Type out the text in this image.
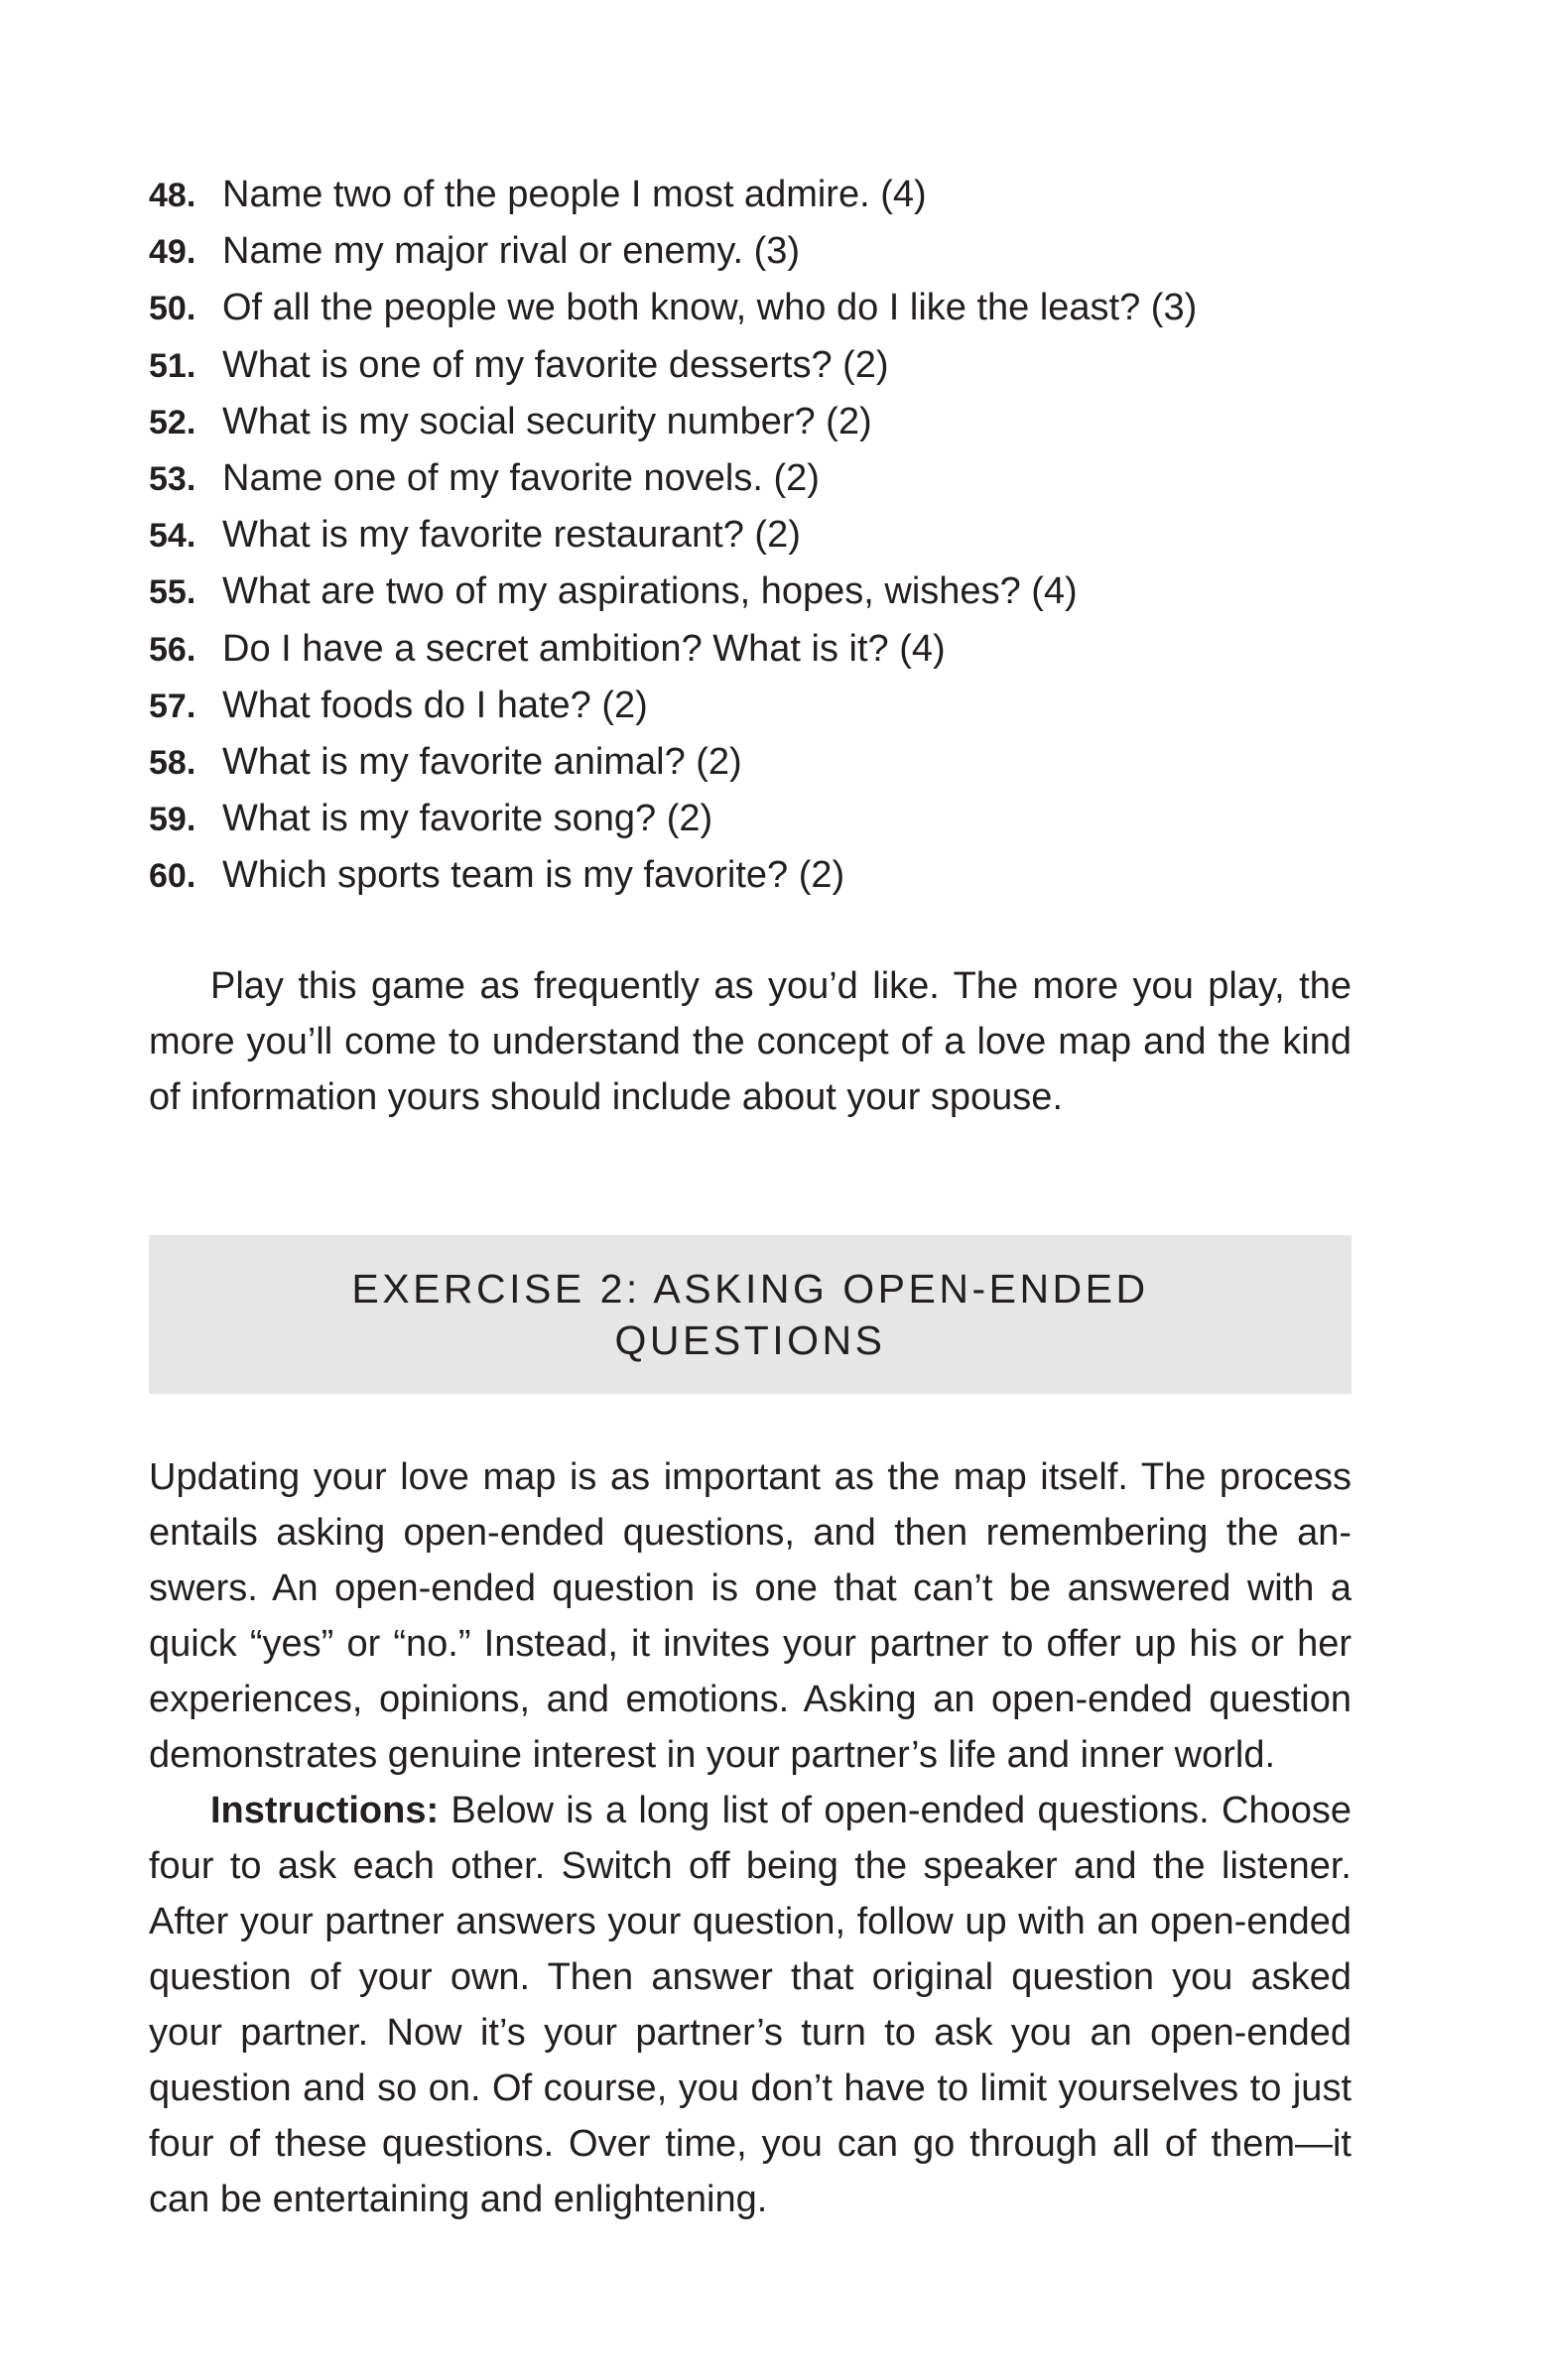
48. Name two of the people I most admire. (4)
49. Name my major rival or enemy. (3)
50. Of all the people we both know, who do I like the least? (3)
51. What is one of my favorite desserts? (2)
52. What is my social security number? (2)
53. Name one of my favorite novels. (2)
54. What is my favorite restaurant? (2)
55. What are two of my aspirations, hopes, wishes? (4)
56. Do I have a secret ambition? What is it? (4)
57. What foods do I hate? (2)
58. What is my favorite animal? (2)
59. What is my favorite song? (2)
60. Which sports team is my favorite? (2)

Play this game as frequently as you’d like. The more you play, the more you’ll come to understand the concept of a love map and the kind of information yours should include about your spouse.

EXERCISE 2: ASKING OPEN-ENDED QUESTIONS

Updating your love map is as important as the map itself. The process entails asking open-ended questions, and then remembering the answers. An open-ended question is one that can’t be answered with a quick “yes” or “no.” Instead, it invites your partner to offer up his or her experiences, opinions, and emotions. Asking an open-ended question demonstrates genuine interest in your partner’s life and inner world.

Instructions: Below is a long list of open-ended questions. Choose four to ask each other. Switch off being the speaker and the listener. After your partner answers your question, follow up with an open-ended question of your own. Then answer that original question you asked your partner. Now it’s your partner’s turn to ask you an open-ended question and so on. Of course, you don’t have to limit yourselves to just four of these questions. Over time, you can go through all of them—it can be entertaining and enlightening.
